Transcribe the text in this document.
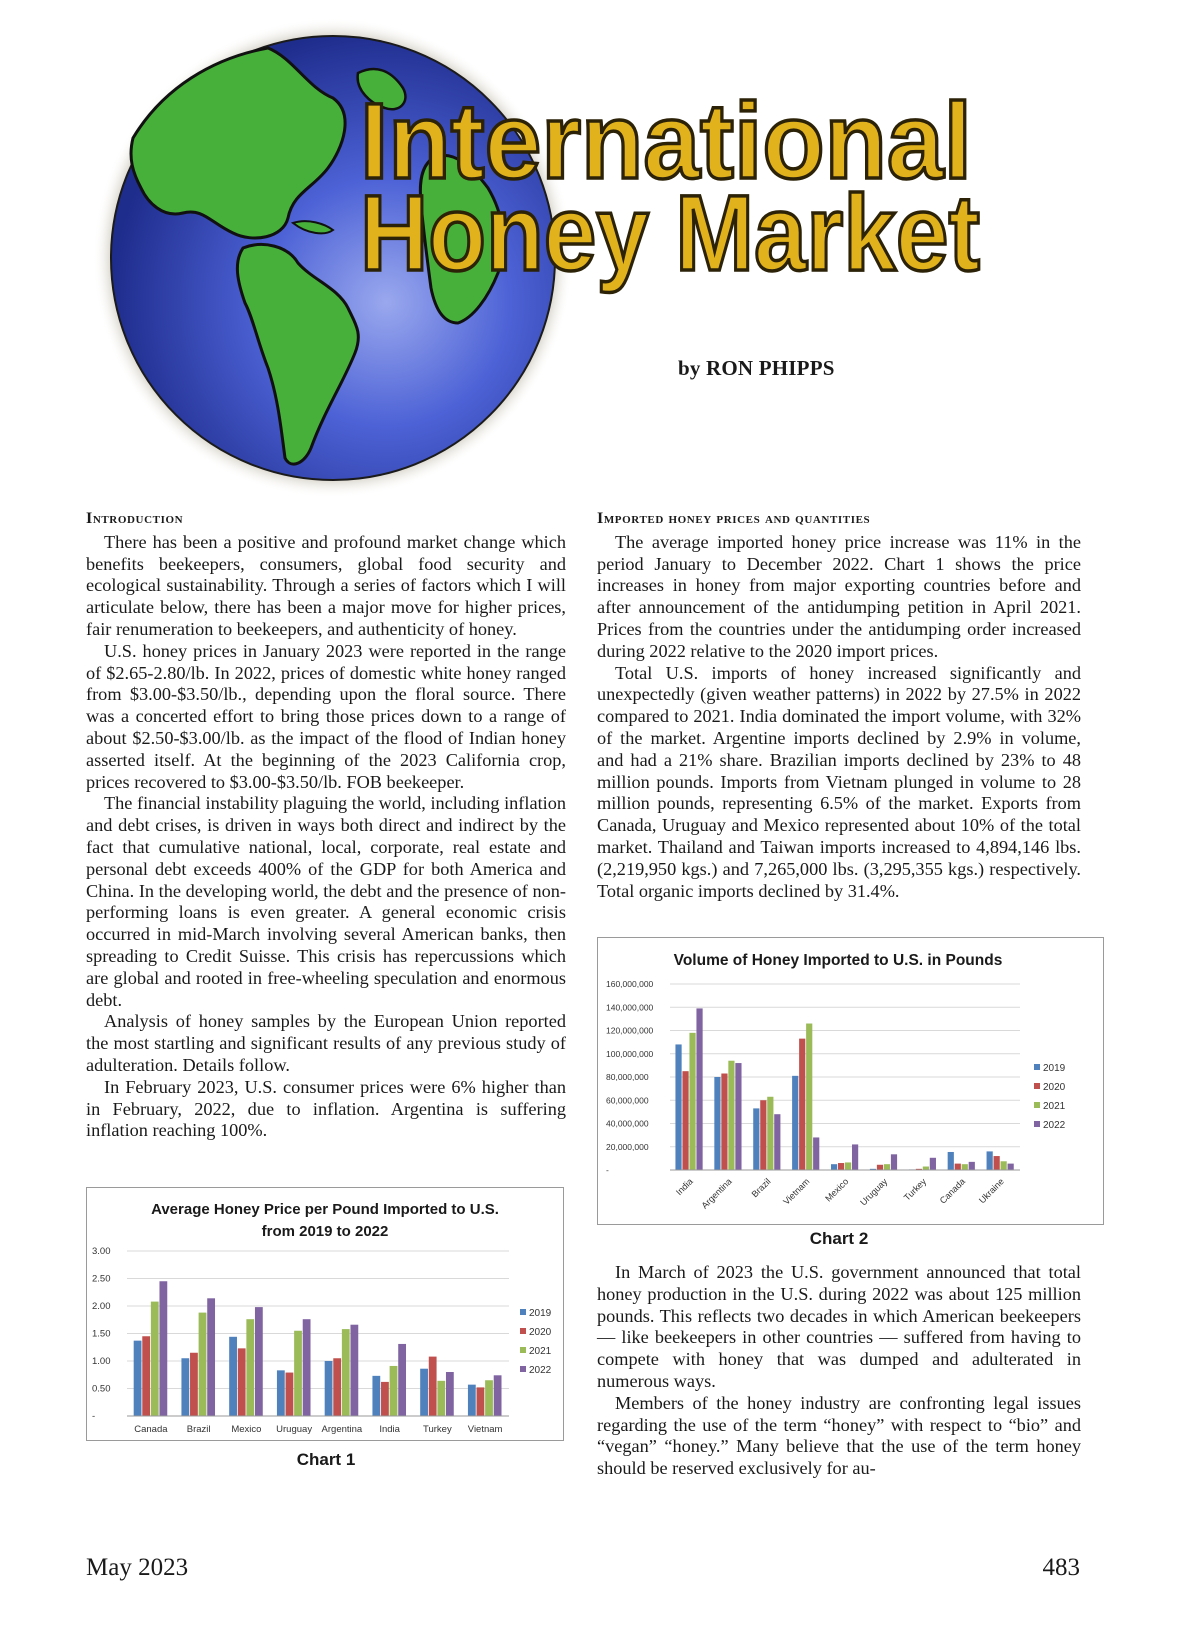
International
Honey Market
by RON PHIPPS

Introduction

There has been a positive and profound market change which benefits beekeepers, consumers, global food security and ecological sustainability. Through a series of factors which I will articulate below, there has been a major move for higher prices, fair renumeration to beekeepers, and authenticity of honey.

U.S. honey prices in January 2023 were reported in the range of $2.65-2.80/lb. In 2022, prices of domestic white honey ranged from $3.00-$3.50/lb., depending upon the floral source. There was a concerted effort to bring those prices down to a range of about $2.50-$3.00/lb. as the impact of the flood of Indian honey asserted itself. At the beginning of the 2023 California crop, prices recovered to $3.00-$3.50/lb. FOB beekeeper.

The financial instability plaguing the world, including inflation and debt crises, is driven in ways both direct and indirect by the fact that cumulative national, local, corporate, real estate and personal debt exceeds 400% of the GDP for both America and China. In the developing world, the debt and the presence of non-performing loans is even greater. A general economic crisis occurred in mid-March involving several American banks, then spreading to Credit Suisse. This crisis has repercussions which are global and rooted in free-wheeling speculation and enormous debt.

Analysis of honey samples by the European Union reported the most startling and significant results of any previous study of adulteration. Details follow.

In February 2023, U.S. consumer prices were 6% higher than in February, 2022, due to inflation. Argentina is suffering inflation reaching 100%.

Imported honey prices and quantities

The average imported honey price increase was 11% in the period January to December 2022. Chart 1 shows the price increases in honey from major exporting countries before and after announcement of the antidumping petition in April 2021. Prices from the countries under the antidumping order increased during 2022 relative to the 2020 import prices.

Total U.S. imports of honey increased significantly and unexpectedly (given weather patterns) in 2022 by 27.5% in 2022 compared to 2021. India dominated the import volume, with 32% of the market. Argentine imports declined by 2.9% in volume, and had a 21% share. Brazilian imports declined by 23% to 48 million pounds. Imports from Vietnam plunged in volume to 28 million pounds, representing 6.5% of the market. Exports from Canada, Uruguay and Mexico represented about 10% of the total market. Thailand and Taiwan imports increased to 4,894,146 lbs. (2,219,950 kgs.) and 7,265,000 lbs. (3,295,355 kgs.) respectively. Total organic imports declined by 31.4%.

In March of 2023 the U.S. government announced that total honey production in the U.S. during 2022 was about 125 million pounds. This reflects two decades in which American beekeepers — like beekeepers in other countries — suffered from having to compete with honey that was dumped and adulterated in numerous ways.

Members of the honey industry are confronting legal issues regarding the use of the term “honey” with respect to “bio” and “vegan” “honey.” Many believe that the use of the term honey should be reserved exclusively for au-

Average Honey Price per Pound Imported to U.S.
from 2019 to 2022
-
0.50
1.00
1.50
2.00
2.50
3.00
Canada Brazil Mexico Uruguay Argentina India Turkey Vietnam
2019
2020
2021
2022
Chart 1
Volume of Honey Imported to U.S. in Pounds
-
20,000,000
40,000,000
60,000,000
80,000,000
100,000,000
120,000,000
140,000,000
160,000,000
India Argentina Brazil Vietnam Mexico Uruguay Turkey Canada Ukraine
2019
2020
2021
2022
Chart 2
May 2023	483
